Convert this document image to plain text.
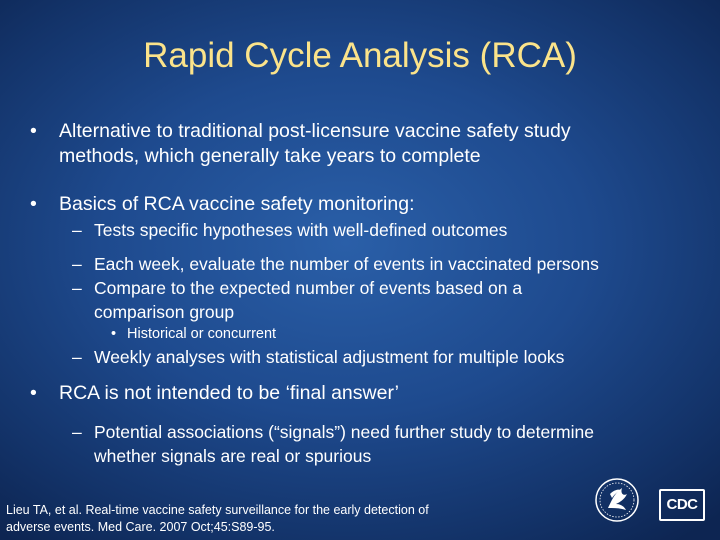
Rapid Cycle Analysis (RCA)
• Alternative to traditional post-licensure vaccine safety study
methods, which generally take years to complete
• Basics of RCA vaccine safety monitoring:
– Tests specific hypotheses with well-defined outcomes
– Each week, evaluate the number of events in vaccinated persons
– Compare to the expected number of events based on a
comparison group
• Historical or concurrent
– Weekly analyses with statistical adjustment for multiple looks
• RCA is not intended to be ‘final answer’
– Potential associations (“signals”) need further study to determine
whether signals are real or spurious
Lieu TA, et al. Real-time vaccine safety surveillance for the early detection of
adverse events. Med Care. 2007 Oct;45:S89-95.
CDC
